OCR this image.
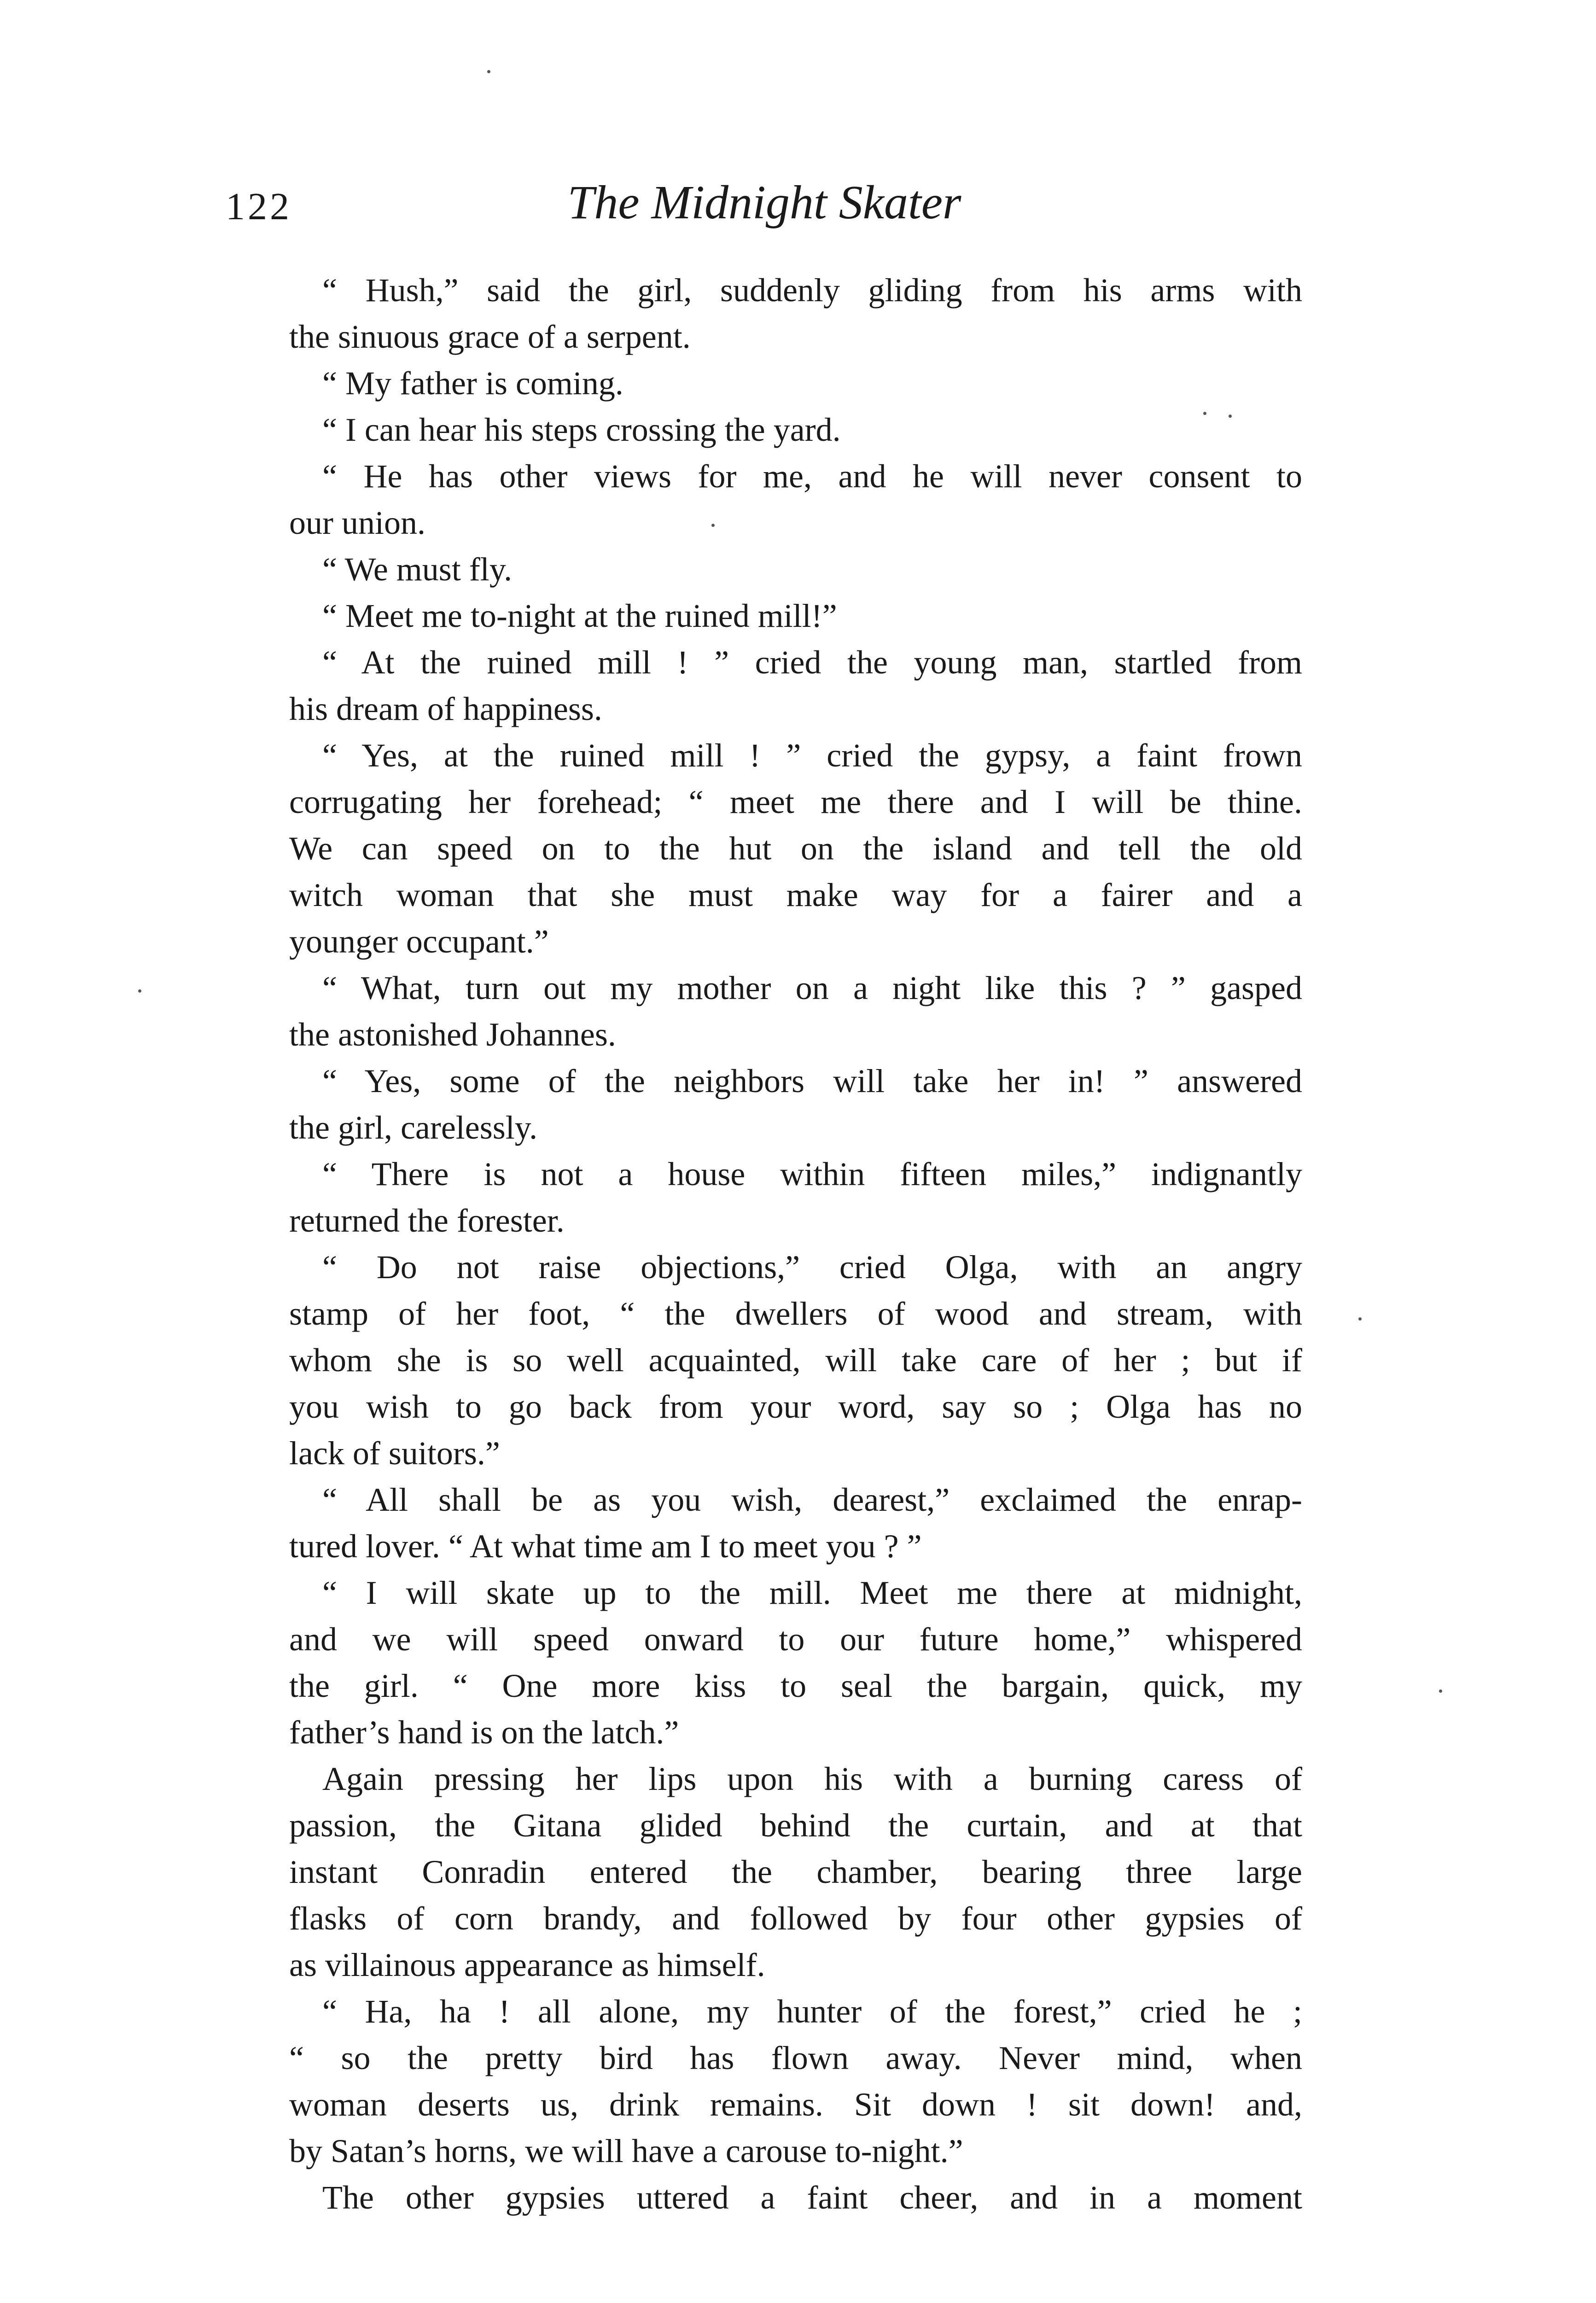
122	The Midnight Skater
“ Hush,” said the girl, suddenly gliding from his arms with
the sinuous grace of a serpent.
“ My father is coming.
“ I can hear his steps crossing the yard.
“ He has other views for me, and he will never consent to
our union.
“ We must fly.
“ Meet me to-night at the ruined mill!”
“ At the ruined mill ! ” cried the young man, startled from
his dream of happiness.
“ Yes, at the ruined mill ! ” cried the gypsy, a faint frown
corrugating her forehead; “ meet me there and I will be thine.
We can speed on to the hut on the island and tell the old
witch woman that she must make way for a fairer and a
younger occupant.”
“ What, turn out my mother on a night like this ? ” gasped
the astonished Johannes.
“ Yes, some of the neighbors will take her in! ” answered
the girl, carelessly.
“ There is not a house within fifteen miles,” indignantly
returned the forester.
“ Do not raise objections,” cried Olga, with an angry
stamp of her foot, “ the dwellers of wood and stream, with
whom she is so well acquainted, will take care of her ; but if
you wish to go back from your word, say so ; Olga has no
lack of suitors.”
“ All shall be as you wish, dearest,” exclaimed the enrap-
tured lover. “ At what time am I to meet you ? ”
“ I will skate up to the mill. Meet me there at midnight,
and we will speed onward to our future home,” whispered
the girl. “ One more kiss to seal the bargain, quick, my
father’s hand is on the latch.”
Again pressing her lips upon his with a burning caress of
passion, the Gitana glided behind the curtain, and at that
instant Conradin entered the chamber, bearing three large
flasks of corn brandy, and followed by four other gypsies of
as villainous appearance as himself.
“ Ha, ha ! all alone, my hunter of the forest,” cried he ;
“ so the pretty bird has flown away. Never mind, when
woman deserts us, drink remains. Sit down ! sit down! and,
by Satan’s horns, we will have a carouse to-night.”
The other gypsies uttered a faint cheer, and in a moment
